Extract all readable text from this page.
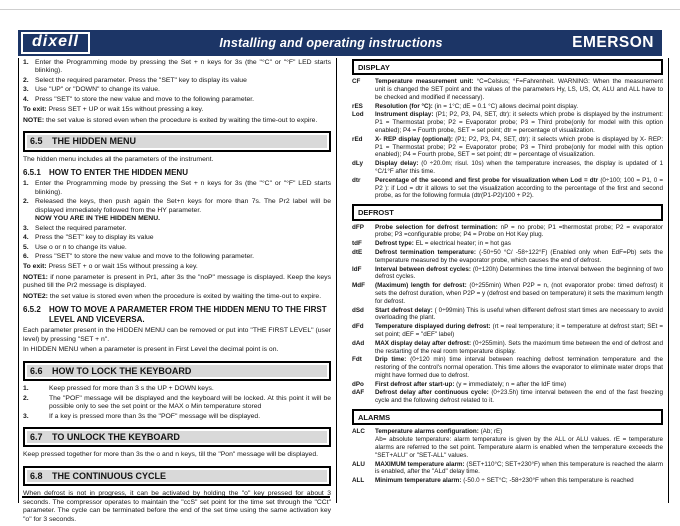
dixell	Installing and operating instructions	EMERSON
1. Enter the Programming mode by pressing the Set + n keys for 3s (the "°C" or "°F" LED starts blinking).
2. Select the required parameter. Press the "SET" key to display its value
3. Use "UP" or "DOWN" to change its value.
4. Press "SET" to store the new value and move to the following parameter.
To exit: Press SET + UP or wait 15s without pressing a key.
NOTE: the set value is stored even when the procedure is exited by waiting the time-out to expire.
6.5	THE HIDDEN MENU
The hidden menu includes all the parameters of the instrument.
6.5.1	HOW TO ENTER THE HIDDEN MENU
1. Enter the Programming mode by pressing the Set + n keys for 3s (the "°C" or "°F" LED starts blinking).
2. Released the keys, then push again the Set+n keys for more than 7s. The Pr2 label will be displayed immediately followed from the HY parameter.
NOW YOU ARE IN THE HIDDEN MENU.
3. Select the required parameter.
4. Press the "SET" key to display its value
5. Use o or n to change its value.
6. Press "SET" to store the new value and move to the following parameter.
To exit: Press SET + o or wait 15s without pressing a key.
NOTE1: if none parameter is present in Pr1, after 3s the "noP" message is displayed. Keep the keys pushed till the Pr2 message is displayed.
NOTE2: the set value is stored even when the procedure is exited by waiting the time-out to expire.
6.5.2	HOW TO MOVE A PARAMETER FROM THE HIDDEN MENU TO THE FIRST LEVEL AND VICEVERSA.
Each parameter present in the HIDDEN MENU can be removed or put into "THE FIRST LEVEL" (user level) by pressing "SET + n".
In HIDDEN MENU when a parameter is present in First Level the decimal point is on.
6.6	HOW TO LOCK THE KEYBOARD
1.	Keep pressed for more than 3 s the UP + DOWN keys.
2.	The "POF" message will be displayed and the keyboard will be locked. At this point it will be possible only to see the set point or the MAX o Min temperature stored
3.	If a key is pressed more than 3s the "POF" message will be displayed.
6.7	TO UNLOCK THE KEYBOARD
Keep pressed together for more than 3s the o and n keys, till the "Pon" message will be displayed.
6.8	THE CONTINUOUS CYCLE
When defrost is not in progress, it can be activated by holding the "o" key pressed for about 3 seconds. The compressor operates to maintain the "ccS" set point for the time set through the "CCt" parameter. The cycle can be terminated before the end of the set time using the same activation key "o" for 3 seconds.
DISPLAY
CF	Temperature measurement unit: °C=Celsius; °F=Fahrenheit. WARNING: When the measurement unit is changed the SET point and the values of the parameters Hy, LS, US, Ot, ALU and ALL have to be checked and modified if necessary).
rES	Resolution (for °C): (in = 1°C; dE = 0.1 °C) allows decimal point display.
Lod	Instrument display: (P1; P2, P3, P4, SET, dtr): it selects which probe is displayed by the instrument: P1 = Thermostat probe; P2 = Evaporator probe; P3 = Third probe(only for model with this option enabled); P4 = Fourth probe, SET = set point; dtr = percentage of visualization.
rEd	X- REP display (optional): (P1; P2, P3, P4, SET, dtr): it selects which probe is displayed by X- REP: P1 = Thermostat probe; P2 = Evaporator probe; P3 = Third probe(only for model with this option enabled); P4 = Fourth probe, SET = set point; dtr = percentage of visualization.
dLy	Display delay: (0 ÷20.0m; risul. 10s) when the temperature increases, the display is updated of 1 °C/1°F after this time.
dtr	Percentage of the second and first probe for visualization when Lod = dtr (0÷100; 100 = P1, 0 = P2 ): if Lod = dtr it allows to set the visualization according to the percentage of the first and second probe, as for the following formula (dtr(P1-P2)/100 + P2).
DEFROST
dFP	Probe selection for defrost termination: nP = no probe; P1 =thermostat probe; P2 = evaporator probe; P3 =configurable probe; P4 = Probe on Hot Key plug.
tdF	Defrost type: EL = electrical heater; in = hot gas
dtE	Defrost termination temperature: (-50÷50 °C/ -58÷122°F) (Enabled only when EdF=Pb) sets the temperature measured by the evaporator probe, which causes the end of defrost.
IdF	Interval between defrost cycles: (0÷120h) Determines the time interval between the beginning of two defrost cycles.
MdF	(Maximum) length for defrost: (0÷255min) When P2P = n, (not evaporator probe: timed defrost) it sets the defrost duration, when P2P = y (defrost end based on temperature) it sets the maximum length for defrost.
dSd	Start defrost delay: ( 0÷99min) This is useful when different defrost start times are necessary to avoid overloading the plant.
dFd	Temperature displayed during defrost: (rt = real temperature; it = temperature at defrost start; SEt = set point; dEF = "dEF" label)
dAd	MAX display delay after defrost: (0÷255min). Sets the maximum time between the end of defrost and the restarting of the real room temperature display.
Fdt	Drip time: (0÷120 min) time interval between reaching defrost termination temperature and the restoring of the control's normal operation. This time allows the evaporator to eliminate water drops that might have formed due to defrost.
dPo	First defrost after start-up: (y = immediately; n = after the IdF time)
dAF	Defrost delay after continuous cycle: (0÷23.5h) time interval between the end of the fast freezing cycle and the following defrost related to it.
ALARMS
ALC	Temperature alarms configuration: (Ab; rE)
Ab= absolute temperature: alarm temperature is given by the ALL or ALU values. rE = temperature alarms are referred to the set point. Temperature alarm is enabled when the temperature exceeds the "SET+ALU" or "SET-ALL" values.
ALU	MAXIMUM temperature alarm: (SET+110°C; SET+230°F) when this temperature is reached the alarm is enabled, after the "ALd" delay time.
ALL	Minimum temperature alarm: (-50.0 ÷ SET°C; -58÷230°F when this temperature is reached
